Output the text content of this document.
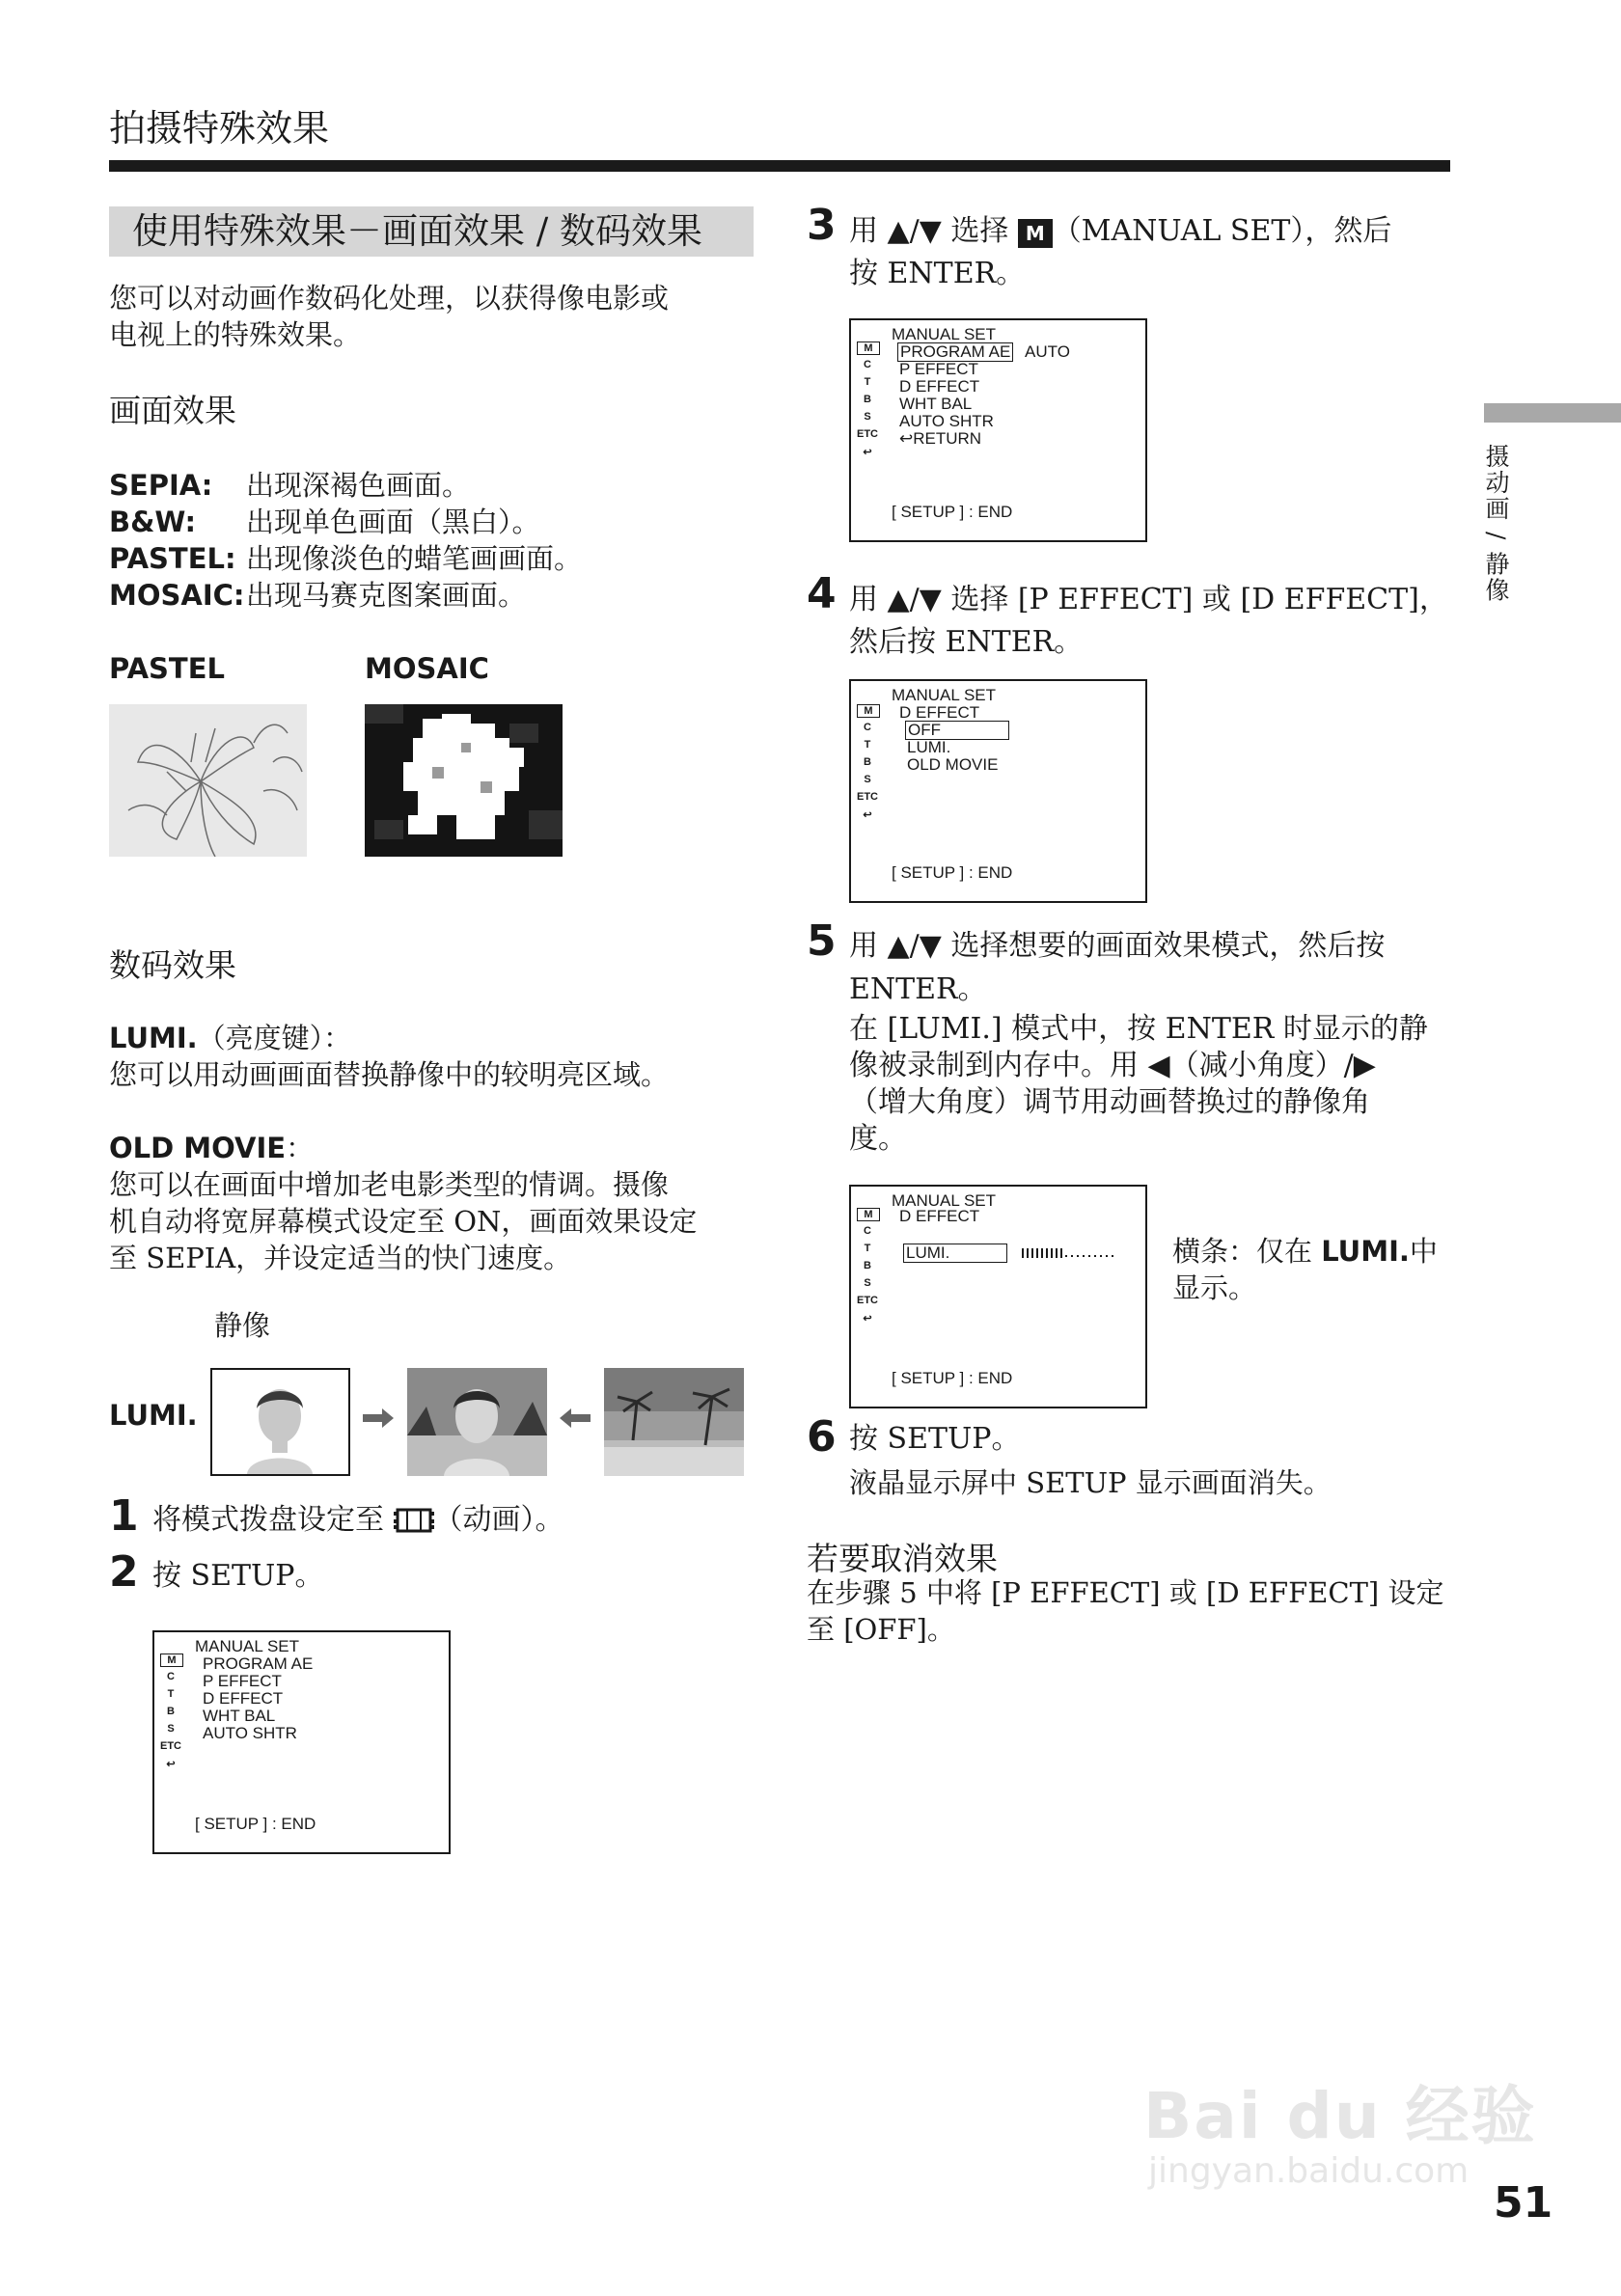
拍摄特殊效果
使用特殊效果－画面效果 / 数码效果
您可以对动画作数码化处理，以获得像电影或
电视上的特殊效果。
画面效果
SEPIA: 出现深褐色画面。
B&W: 出现单色画面（黑白）。
PASTEL: 出现像淡色的蜡笔画画面。
MOSAIC:出现马赛克图案画面。
PASTEL	MOSAIC
数码效果
LUMI.（亮度键）：
您可以用动画画面替换静像中的较明亮区域。
OLD MOVIE：
您可以在画面中增加老电影类型的情调。摄像
机自动将宽屏幕模式设定至 ON，画面效果设定
至 SEPIA，并设定适当的快门速度。
静像
LUMI.
1 将模式拨盘设定至 （动画）。
2 按 SETUP。
MANUAL SET
M
C
T
B
S
ETC
↩
PROGRAM AE
P EFFECT
D EFFECT
WHT BAL
AUTO SHTR
[ SETUP ] : END
3 用 ▲/▼ 选择 M （MANUAL SET），然后
按 ENTER。
MANUAL SET
M
C
T
B
S
ETC
↩
PROGRAM AE AUTO
P EFFECT
D EFFECT
WHT BAL
AUTO SHTR
↩RETURN
[ SETUP ] : END
4 用 ▲/▼ 选择 [P EFFECT] 或 [D EFFECT]，
然后按 ENTER。
MANUAL SET
D EFFECT
M
C
T
B
S
ETC
↩
OFF
LUMI.
OLD MOVIE
[ SETUP ] : END
5 用 ▲/▼ 选择想要的画面效果模式，然后按
ENTER。
在 [LUMI.] 模式中，按 ENTER 时显示的静
像被录制到内存中。用 ◀（减小角度）/▶
（增大角度）调节用动画替换过的静像角
度。
MANUAL SET
D EFFECT
M
C
T
B
S
ETC
↩
LUMI.
[ SETUP ] : END
横条：仅在 LUMI.中
显示。
6 按 SETUP。
液晶显示屏中 SETUP 显示画面消失。
若要取消效果
在步骤 5 中将 [P EFFECT] 或 [D EFFECT] 设定
至 [OFF]。
摄动画 / 静像
Bai du 经验
jingyan.baidu.com
51
